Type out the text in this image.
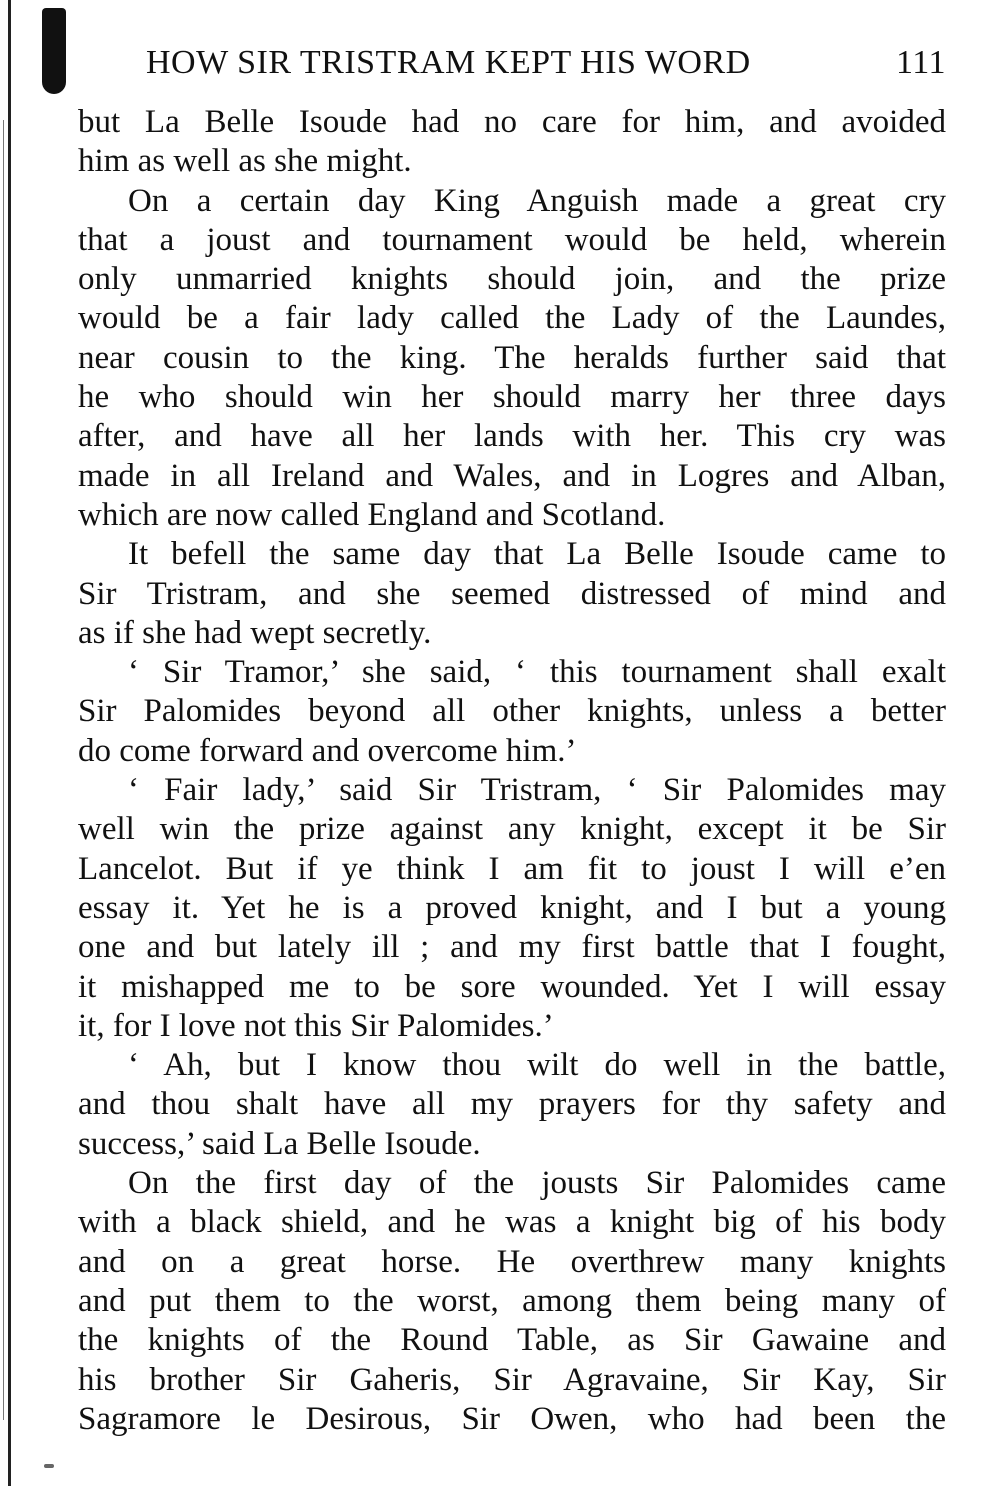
HOW SIR TRISTRAM KEPT HIS WORD	111
but La Belle Isoude had no care for him, and avoided
him as well as she might.
On a certain day King Anguish made a great cry
that a joust and tournament would be held, wherein
only unmarried knights should join, and the prize
would be a fair lady called the Lady of the Laundes,
near cousin to the king. The heralds further said that
he who should win her should marry her three days
after, and have all her lands with her. This cry was
made in all Ireland and Wales, and in Logres and Alban,
which are now called England and Scotland.
It befell the same day that La Belle Isoude came to
Sir Tristram, and she seemed distressed of mind and
as if she had wept secretly.
‘ Sir Tramor,’ she said, ‘ this tournament shall exalt
Sir Palomides beyond all other knights, unless a better
do come forward and overcome him.’
‘ Fair lady,’ said Sir Tristram, ‘ Sir Palomides may
well win the prize against any knight, except it be Sir
Lancelot. But if ye think I am fit to joust I will e’en
essay it. Yet he is a proved knight, and I but a young
one and but lately ill ; and my first battle that I fought,
it mishapped me to be sore wounded. Yet I will essay
it, for I love not this Sir Palomides.’
‘ Ah, but I know thou wilt do well in the battle,
and thou shalt have all my prayers for thy safety and
success,’ said La Belle Isoude.
On the first day of the jousts Sir Palomides came
with a black shield, and he was a knight big of his body
and on a great horse. He overthrew many knights
and put them to the worst, among them being many of
the knights of the Round Table, as Sir Gawaine and
his brother Sir Gaheris, Sir Agravaine, Sir Kay, Sir
Sagramore le Desirous, Sir Owen, who had been the
